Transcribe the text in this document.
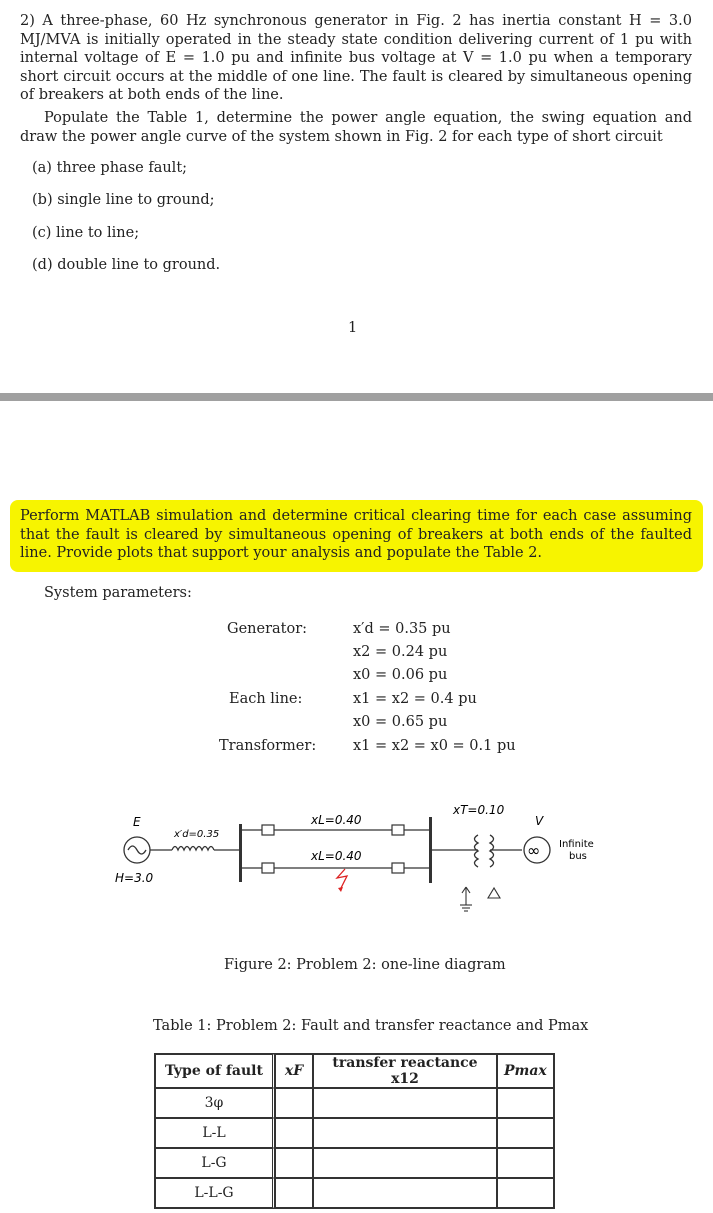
2) A three-phase, 60 Hz synchronous generator in Fig. 2 has inertia constant H = 3.0 MJ/MVA is initially operated in the steady state condition delivering current of 1 pu with internal voltage of E = 1.0 pu and infinite bus voltage at V = 1.0 pu when a temporary short circuit occurs at the middle of one line. The fault is cleared by simultaneous opening of breakers at both ends of the line.

Populate the Table 1, determine the power angle equation, the swing equation and draw the power angle curve of the system shown in Fig. 2 for each type of short circuit

(a) three phase fault;

(b) single line to ground;

(c) line to line;

(d) double line to ground.

1

Perform MATLAB simulation and determine critical clearing time for each case assuming that the fault is cleared by simultaneous opening of breakers at both ends of the faulted line. Provide plots that support your analysis and populate the Table 2.

System parameters:
Generator:	x′d = 0.35 pu
x2 = 0.24 pu
x0 = 0.06 pu
Each line:	x1 = x2 = 0.4 pu
x0 = 0.65 pu
Transformer:	x1 = x2 = x0 = 0.1 pu
E
H=3.0
x′d=0.35
xL=0.40
xL=0.40
xT=0.10
V
∞ Infinite
bus
Figure 2: Problem 2: one-line diagram
Table 1: Problem 2: Fault and transfer reactance and Pmax
Type of fault	xF	transfer reactance x12	Pmax
3φ			
L-L			
L-G			
L-L-G			
